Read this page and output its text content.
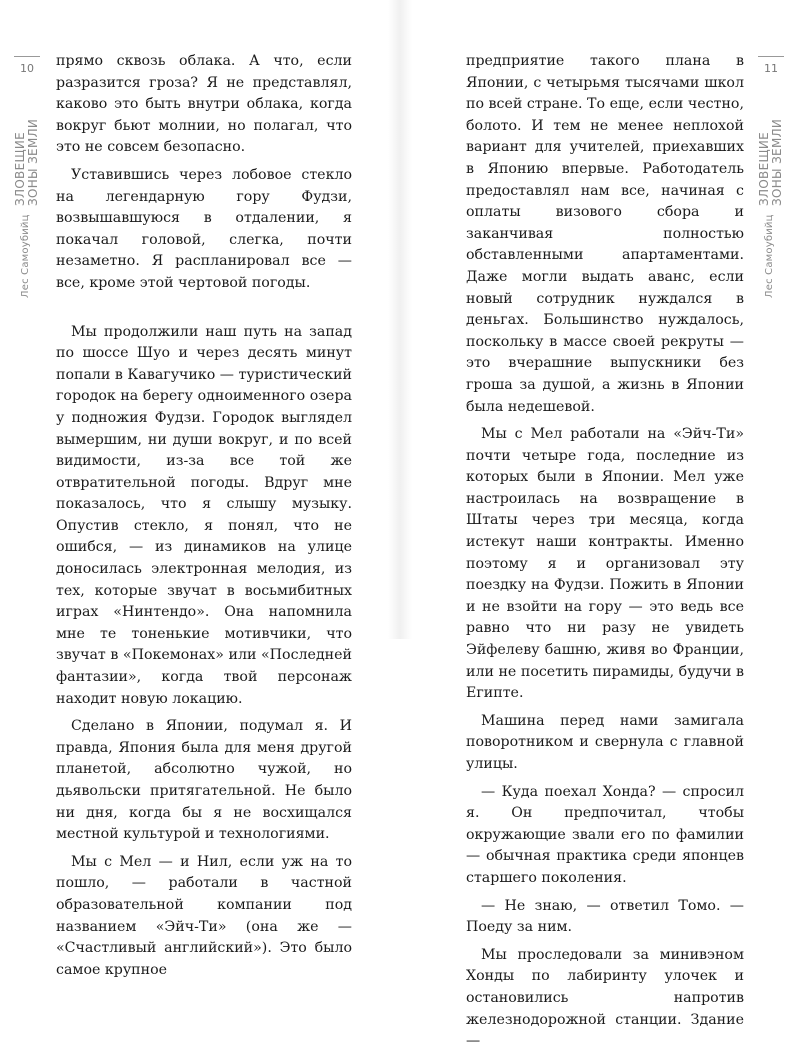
10
ЗЛОВЕЩИЕ ЗОНЫ ЗЕМЛИ
Лес Самоубийц

прямо сквозь облака. А что, если разразится гроза? Я не представлял, каково это быть внутри облака, когда вокруг бьют молнии, но полагал, что это не совсем безопасно.

Уставившись через лобовое стекло на легендарную гору Фудзи, возвышавшуюся в отдалении, я покачал головой, слегка, почти незаметно. Я распланировал все — все, кроме этой чертовой погоды.

Мы продолжили наш путь на запад по шоссе Шуо и через десять минут попали в Кавагучико — туристический городок на берегу одноименного озера у подножия Фудзи. Городок выглядел вымершим, ни души вокруг, и по всей видимости, из-за все той же отвратительной погоды. Вдруг мне показалось, что я слышу музыку. Опустив стекло, я понял, что не ошибся, — из динамиков на улице доносилась электронная мелодия, из тех, которые звучат в восьмибитных играх «Нинтендо». Она напомнила мне те тоненькие мотивчики, что звучат в «Покемонах» или «Последней фантазии», когда твой персонаж находит новую локацию.

Сделано в Японии, подумал я. И правда, Япония была для меня другой планетой, абсолютно чужой, но дьявольски притягательной. Не было ни дня, когда бы я не восхищался местной культурой и технологиями.

Мы с Мел — и Нил, если уж на то пошло, — работали в частной образовательной компании под названием «Эйч-Ти» (она же — «Счастливый английский»). Это было самое крупное

11
ЗЛОВЕЩИЕ ЗОНЫ ЗЕМЛИ
Лес Самоубийц

предприятие такого плана в Японии, с четырьмя тысячами школ по всей стране. То еще, если честно, болото. И тем не менее неплохой вариант для учителей, приехавших в Японию впервые. Работодатель предоставлял нам все, начиная с оплаты визового сбора и заканчивая полностью обставленными апартаментами. Даже могли выдать аванс, если новый сотрудник нуждался в деньгах. Большинство нуждалось, поскольку в массе своей рекруты — это вчерашние выпускники без гроша за душой, а жизнь в Японии была недешевой.

Мы с Мел работали на «Эйч-Ти» почти четыре года, последние из которых были в Японии. Мел уже настроилась на возвращение в Штаты через три месяца, когда истекут наши контракты. Именно поэтому я и организовал эту поездку на Фудзи. Пожить в Японии и не взойти на гору — это ведь все равно что ни разу не увидеть Эйфелеву башню, живя во Франции, или не посетить пирамиды, будучи в Египте.

Машина перед нами замигала поворотником и свернула с главной улицы.

— Куда поехал Хонда? — спросил я. Он предпочитал, чтобы окружающие звали его по фамилии — обычная практика среди японцев старшего поколения.

— Не знаю, — ответил Томо. — Поеду за ним.

Мы проследовали за минивэном Хонды по лабиринту улочек и остановились напротив железнодорожной станции. Здание —
